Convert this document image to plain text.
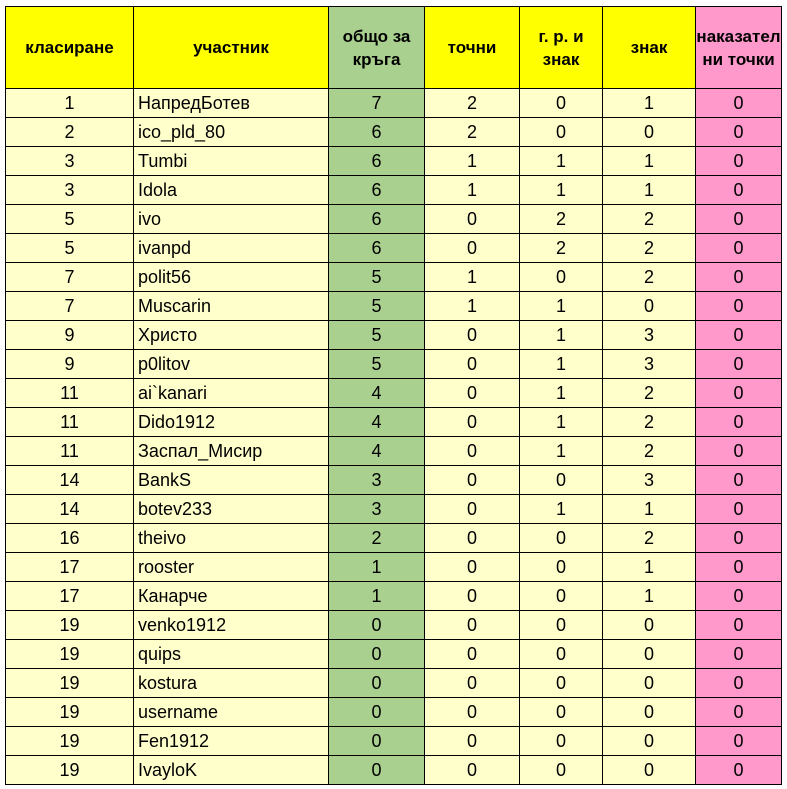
класиране	участник	общо за кръга	точни	г. р. и знак	знак	наказателни точки
1	НапредБотев	7	2	0	1	0
2	ico_pld_80	6	2	0	0	0
3	Tumbi	6	1	1	1	0
3	Idola	6	1	1	1	0
5	ivo	6	0	2	2	0
5	ivanpd	6	0	2	2	0
7	polit56	5	1	0	2	0
7	Muscarin	5	1	1	0	0
9	Христо	5	0	1	3	0
9	p0litov	5	0	1	3	0
11	ai`kanari	4	0	1	2	0
11	Dido1912	4	0	1	2	0
11	Заспал_Мисир	4	0	1	2	0
14	BankS	3	0	0	3	0
14	botev233	3	0	1	1	0
16	theivo	2	0	0	2	0
17	rooster	1	0	0	1	0
17	Канарче	1	0	0	1	0
19	venko1912	0	0	0	0	0
19	quips	0	0	0	0	0
19	kostura	0	0	0	0	0
19	username	0	0	0	0	0
19	Fen1912	0	0	0	0	0
19	IvayloK	0	0	0	0	0
